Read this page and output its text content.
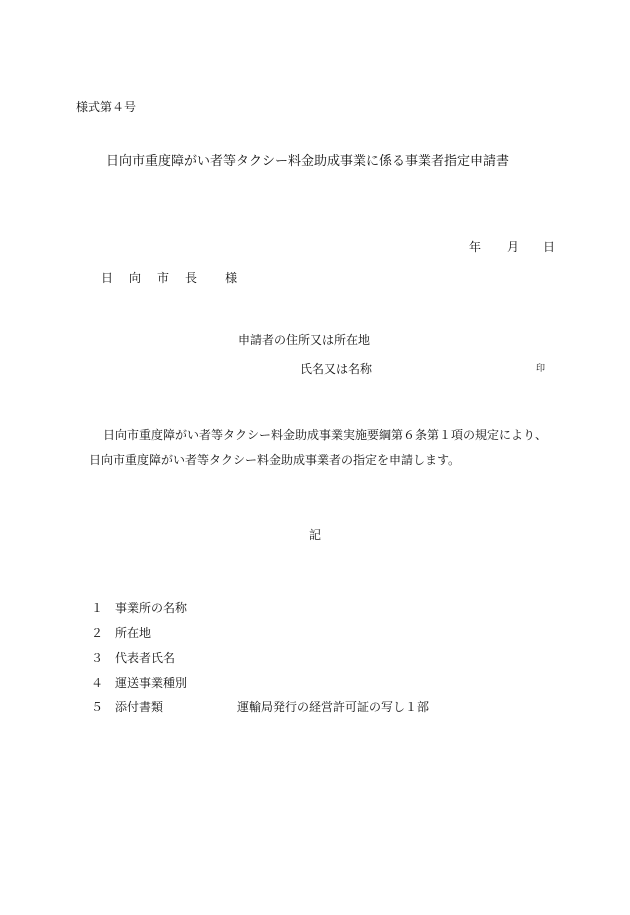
様式第４号
日向市重度障がい者等タクシー料金助成事業に係る事業者指定申請書
年 月 日
日 向 市 長 様
申請者の住所又は所在地
氏名又は名称	印
日向市重度障がい者等タクシー料金助成事業実施要綱第６条第１項の規定により、
日向市重度障がい者等タクシー料金助成事業者の指定を申請します。
記
１ 事業所の名称
２ 所在地
３ 代表者氏名
４ 運送事業種別
５ 添付書類	運輸局発行の経営許可証の写し１部
